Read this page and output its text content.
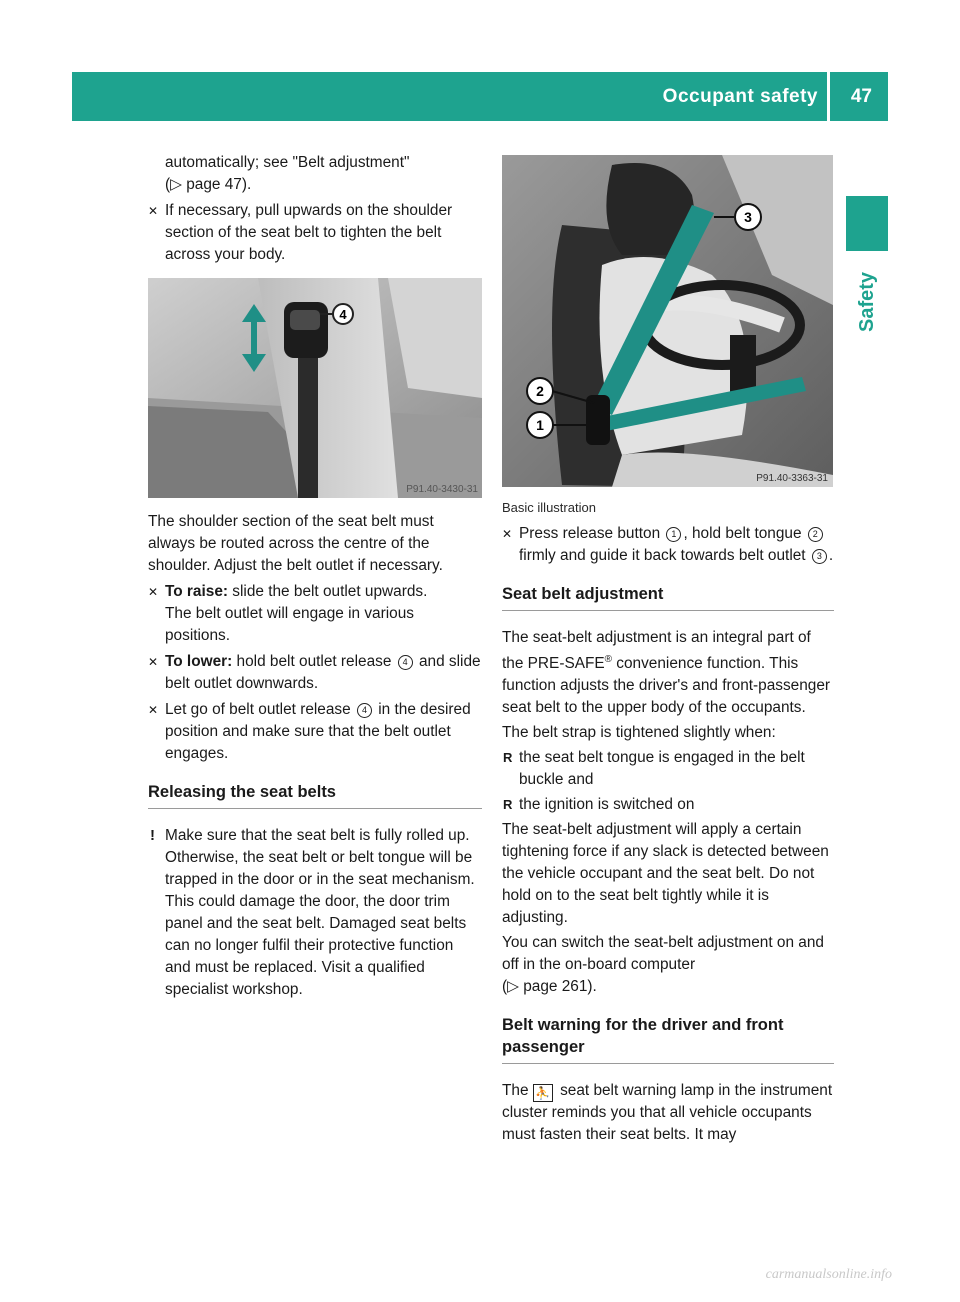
Occupant safety 47
Safety

automatically; see "Belt adjustment"
(▷ page 47).

✕ If necessary, pull upwards on the shoulder section of the seat belt to tighten the belt across your body.
4
P91.40-3430-31

The shoulder section of the seat belt must always be routed across the centre of the shoulder. Adjust the belt outlet if necessary.

✕ To raise: slide the belt outlet upwards.
The belt outlet will engage in various positions.
✕ To lower: hold belt outlet release 4 and slide belt outlet downwards.
✕ Let go of belt outlet release 4 in the desired position and make sure that the belt outlet engages.
Releasing the seat belts
! Make sure that the seat belt is fully rolled up. Otherwise, the seat belt or belt tongue will be trapped in the door or in the seat mechanism. This could damage the door, the door trim panel and the seat belt. Damaged seat belts can no longer fulfil their protective function and must be replaced. Visit a qualified specialist workshop.
3
2
1
P91.40-3363-31

Basic illustration

✕ Press release button 1 , hold belt tongue 2 firmly and guide it back towards belt outlet 3 .
Seat belt adjustment

The seat-belt adjustment is an integral part of the PRE-SAFE® convenience function. This function adjusts the driver's and front-passenger seat belt to the upper body of the occupants.

The belt strap is tightened slightly when:

R the seat belt tongue is engaged in the belt buckle and
R the ignition is switched on

The seat-belt adjustment will apply a certain tightening force if any slack is detected between the vehicle occupant and the seat belt. Do not hold on to the seat belt tightly while it is adjusting.

You can switch the seat-belt adjustment on and off in the on-board computer
(▷ page 261).

Belt warning for the driver and front passenger

The ⛹ seat belt warning lamp in the instrument cluster reminds you that all vehicle occupants must fasten their seat belts. It may

carmanualsonline.info
